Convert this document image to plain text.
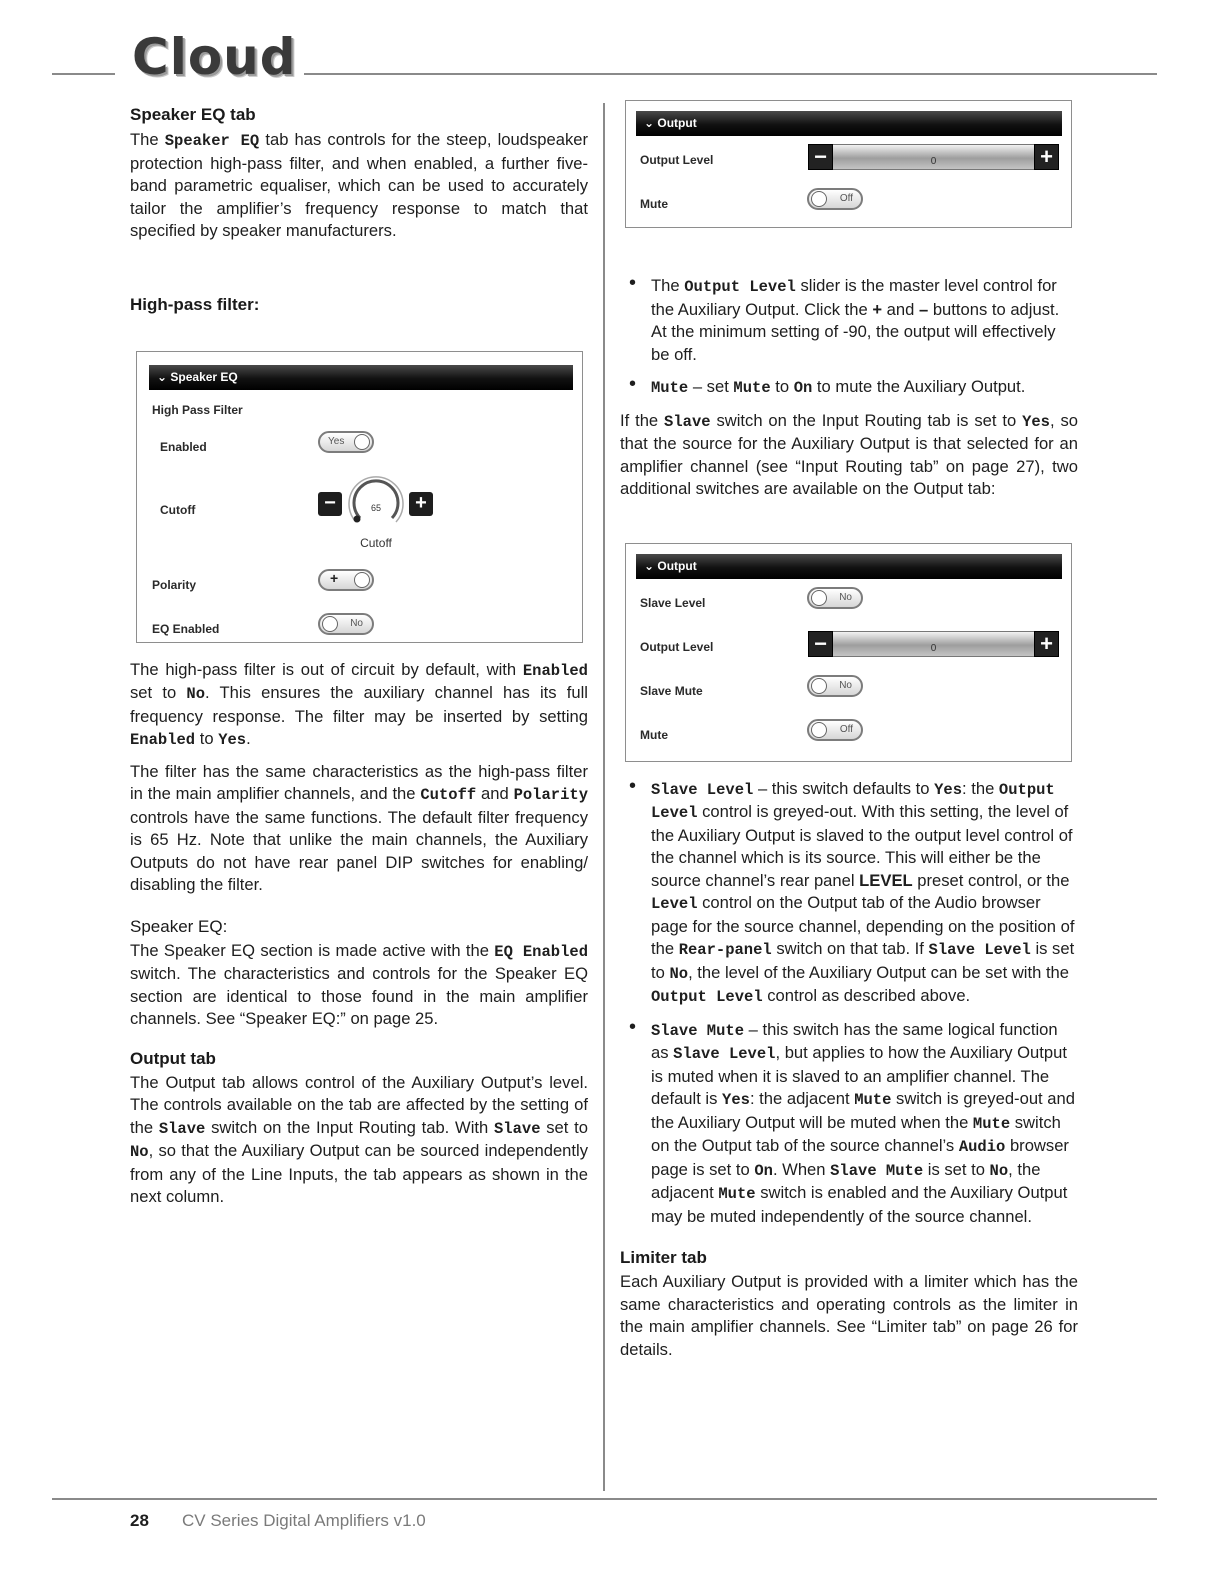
Cloud
Speaker EQ tab

The Speaker EQ tab has controls for the steep, loudspeaker protection high-pass filter, and when enabled, a further five-band parametric equaliser, which can be used to accurately tailor the amplifier’s frequency response to match that specified by speaker manufacturers.

High-pass filter:
⌄ Speaker EQ
High Pass Filter
Enabled	Yes
Cutoff	−	65	+
Cutoff
Polarity	+
EQ Enabled	No

The high-pass filter is out of circuit by default, with Enabled set to No. This ensures the auxiliary channel has its full frequency response. The filter may be inserted by setting Enabled to Yes.

The filter has the same characteristics as the high-pass filter in the main amplifier channels, and the Cutoff and Polarity controls have the same functions. The default filter frequency is 65 Hz. Note that unlike the main channels, the Auxiliary Outputs do not have rear panel DIP switches for enabling/ disabling the filter.

Speaker EQ:

The Speaker EQ section is made active with the EQ Enabled switch. The characteristics and controls for the Speaker EQ section are identical to those found in the main amplifier channels. See “Speaker EQ:” on page 25.

Output tab

The Output tab allows control of the Auxiliary Output’s level. The controls available on the tab are affected by the setting of the Slave switch on the Input Routing tab. With Slave set to No, so that the Auxiliary Output can be sourced independently from any of the Line Inputs, the tab appears as shown in the next column.

⌄ Output
Output Level	−	0	+
Mute	Off
• The Output Level slider is the master level control for the Auxiliary Output. Click the + and – buttons to adjust. At the minimum setting of -90, the output will effectively be off.
• Mute – set Mute to On to mute the Auxiliary Output.

If the Slave switch on the Input Routing tab is set to Yes, so that the source for the Auxiliary Output is that selected for an amplifier channel (see “Input Routing tab” on page 27), two additional switches are available on the Output tab:

⌄ Output
Slave Level	No
Output Level	−	0	+
Slave Mute	No
Mute	Off
• Slave Level – this switch defaults to Yes: the Output Level control is greyed-out. With this setting, the level of the Auxiliary Output is slaved to the output level control of the channel which is its source. This will either be the source channel’s rear panel LEVEL preset control, or the Level control on the Output tab of the Audio browser page for the source channel, depending on the position of the Rear-panel switch on that tab. If Slave Level is set to No, the level of the Auxiliary Output can be set with the Output Level control as described above.
• Slave Mute – this switch has the same logical function as Slave Level, but applies to how the Auxiliary Output is muted when it is slaved to an amplifier channel. The default is Yes: the adjacent Mute switch is greyed-out and the Auxiliary Output will be muted when the Mute switch on the Output tab of the source channel’s Audio browser page is set to On. When Slave Mute is set to No, the adjacent Mute switch is enabled and the Auxiliary Output may be muted independently of the source channel.
Limiter tab

Each Auxiliary Output is provided with a limiter which has the same characteristics and operating controls as the limiter in the main amplifier channels. See “Limiter tab” on page 26 for details.

28 CV Series Digital Amplifiers v1.0
